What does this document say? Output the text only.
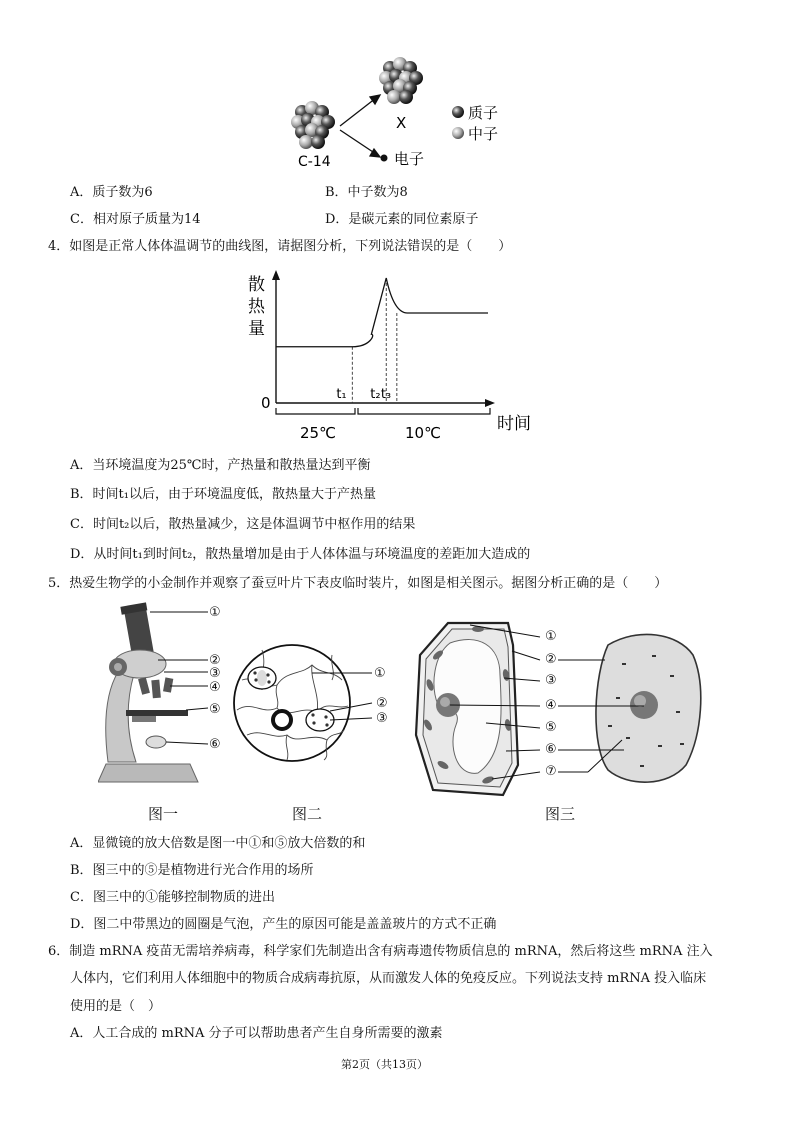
C-14
X
电子
质子
中子
A．质子数为6	B．中子数为8
C．相对原子质量为14	D．是碳元素的同位素原子
4．如图是正常人体体温调节的曲线图，请据图分析，下列说法错误的是（　　）
散
热
量
0
时间
t₁ t₂ t₃
25℃	10℃
A．当环境温度为25℃时，产热量和散热量达到平衡
B．时间t₁以后，由于环境温度低，散热量大于产热量
C．时间t₂以后，散热量减少，这是体温调节中枢作用的结果
D．从时间t₁到时间t₂，散热量增加是由于人体体温与环境温度的差距加大造成的
5．热爱生物学的小金制作并观察了蚕豆叶片下表皮临时装片，如图是相关图示。据图分析正确的是（　　）
①
②
③
④
⑤
⑥
图一
①
②
③
图二
①
②
③
④
⑤
⑥
⑦
图三
A．显微镜的放大倍数是图一中①和⑤放大倍数的和
B．图三中的⑤是植物进行光合作用的场所
C．图三中的①能够控制物质的进出
D．图二中带黑边的圆圈是气泡，产生的原因可能是盖盖玻片的方式不正确
6．制造 mRNA 疫苗无需培养病毒，科学家们先制造出含有病毒遗传物质信息的 mRNA，然后将这些 mRNA 注入
人体内，它们利用人体细胞中的物质合成病毒抗原，从而激发人体的免疫反应。下列说法支持 mRNA 投入临床
使用的是（　）
A．人工合成的 mRNA 分子可以帮助患者产生自身所需要的激素
第2页（共13页）
